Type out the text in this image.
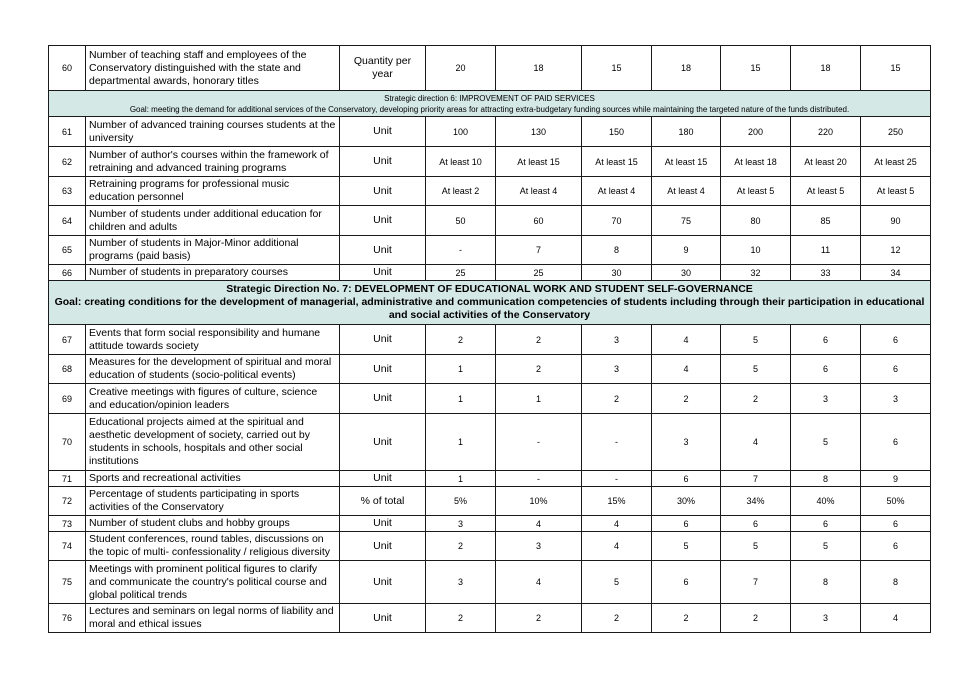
60	Number of teaching staff and employees of the Conservatory distinguished with the state and departmental awards, honorary titles	Quantity per year	20	18	15	18	15	18	15

Strategic direction 6: IMPROVEMENT OF PAID SERVICES
Goal: meeting the demand for additional services of the Conservatory, developing priority areas for attracting extra-budgetary funding sources while maintaining the targeted nature of the funds distributed.									

61	Number of advanced training courses students at the university	Unit	100	130	150	180	200	220	250
62	Number of author's courses within the framework of retraining and advanced training programs	Unit	At least 10	At least 15	At least 15	At least 15	At least 18	At least 20	At least 25
63	Retraining programs for professional music education personnel	Unit	At least 2	At least 4	At least 4	At least 4	At least 5	At least 5	At least 5
64	Number of students under additional education for children and adults	Unit	50	60	70	75	80	85	90
65	Number of students in Major-Minor additional programs (paid basis)	Unit	-	7	8	9	10	11	12
66	Number of students in preparatory courses	Unit	25	25	30	30	32	33	34

Strategic Direction No. 7: DEVELOPMENT OF EDUCATIONAL WORK AND STUDENT SELF-GOVERNANCE
Goal: creating conditions for the development of managerial, administrative and communication competencies of students including through their participation in educational and social activities of the Conservatory									

67	Events that form social responsibility and humane attitude towards society	Unit	2	2	3	4	5	6	6
68	Measures for the development of spiritual and moral education of students (socio-political events)	Unit	1	2	3	4	5	6	6
69	Creative meetings with figures of culture, science and education/opinion leaders	Unit	1	1	2	2	2	3	3
70	Educational projects aimed at the spiritual and aesthetic development of society, carried out by students in schools, hospitals and other social institutions	Unit	1	-	-	3	4	5	6
71	Sports and recreational activities	Unit	1	-	-	6	7	8	9
72	Percentage of students participating in sports activities of the Conservatory	% of total	5%	10%	15%	30%	34%	40%	50%
73	Number of student clubs and hobby groups	Unit	3	4	4	6	6	6	6
74	Student conferences, round tables, discussions on the topic of multi- confessionality / religious diversity	Unit	2	3	4	5	5	5	6
75	Meetings with prominent political figures to clarify and communicate the country's political course and global political trends	Unit	3	4	5	6	7	8	8
76	Lectures and seminars on legal norms of liability and moral and ethical issues	Unit	2	2	2	2	2	3	4
